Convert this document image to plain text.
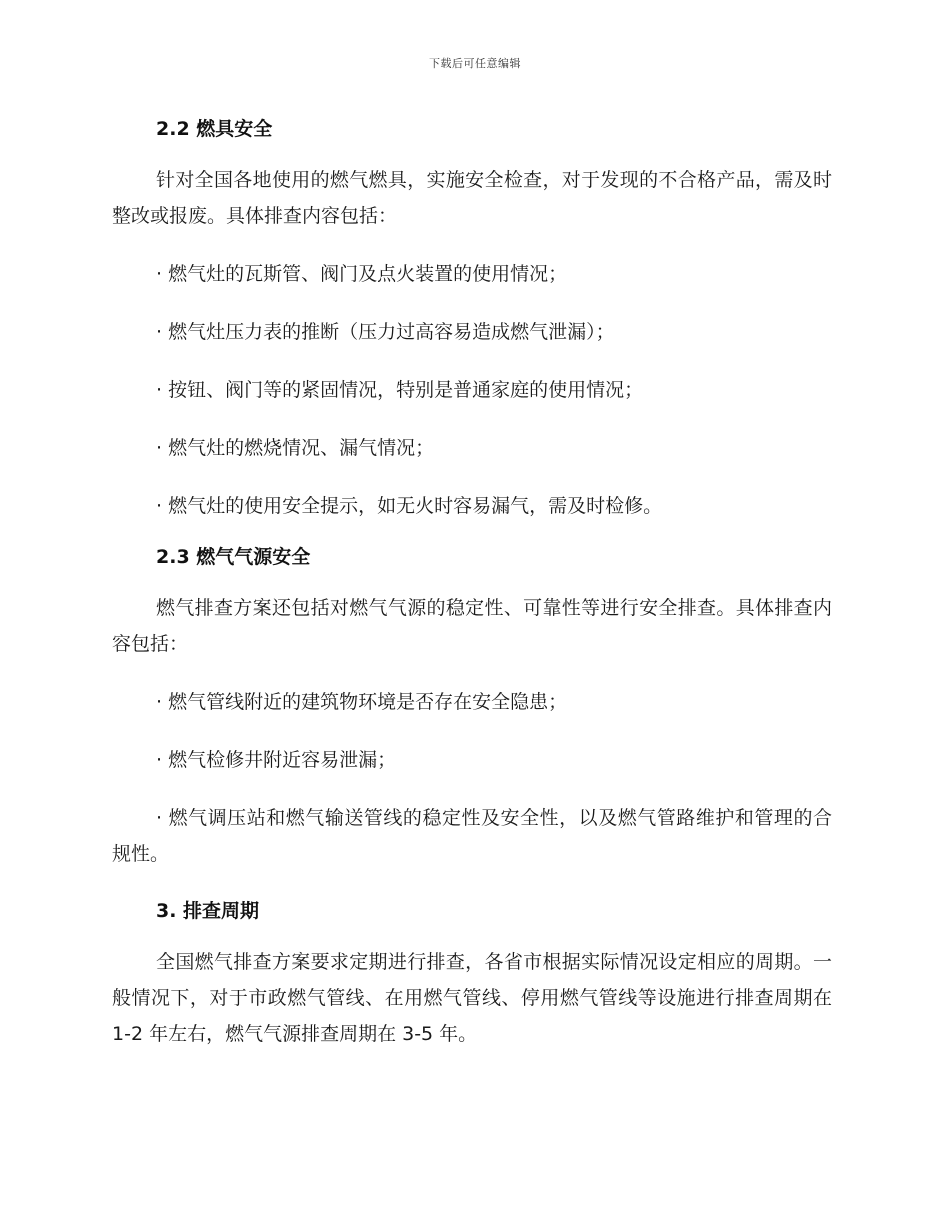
下载后可任意编辑
2.2 燃具安全

针对全国各地使用的燃气燃具，实施安全检查，对于发现的不合格产品，需及时整改或报废。具体排查内容包括：

· 燃气灶的瓦斯管、阀门及点火装置的使用情况；

· 燃气灶压力表的推断（压力过高容易造成燃气泄漏）；

· 按钮、阀门等的紧固情况，特别是普通家庭的使用情况；

· 燃气灶的燃烧情况、漏气情况；

· 燃气灶的使用安全提示，如无火时容易漏气，需及时检修。

2.3 燃气气源安全

燃气排查方案还包括对燃气气源的稳定性、可靠性等进行安全排查。具体排查内容包括：

· 燃气管线附近的建筑物环境是否存在安全隐患；

· 燃气检修井附近容易泄漏；

· 燃气调压站和燃气输送管线的稳定性及安全性，以及燃气管路维护和管理的合规性。

3. 排查周期

全国燃气排查方案要求定期进行排查，各省市根据实际情况设定相应的周期。一般情况下，对于市政燃气管线、在用燃气管线、停用燃气管线等设施进行排查周期在 1-2 年左右，燃气气源排查周期在 3-5 年。
